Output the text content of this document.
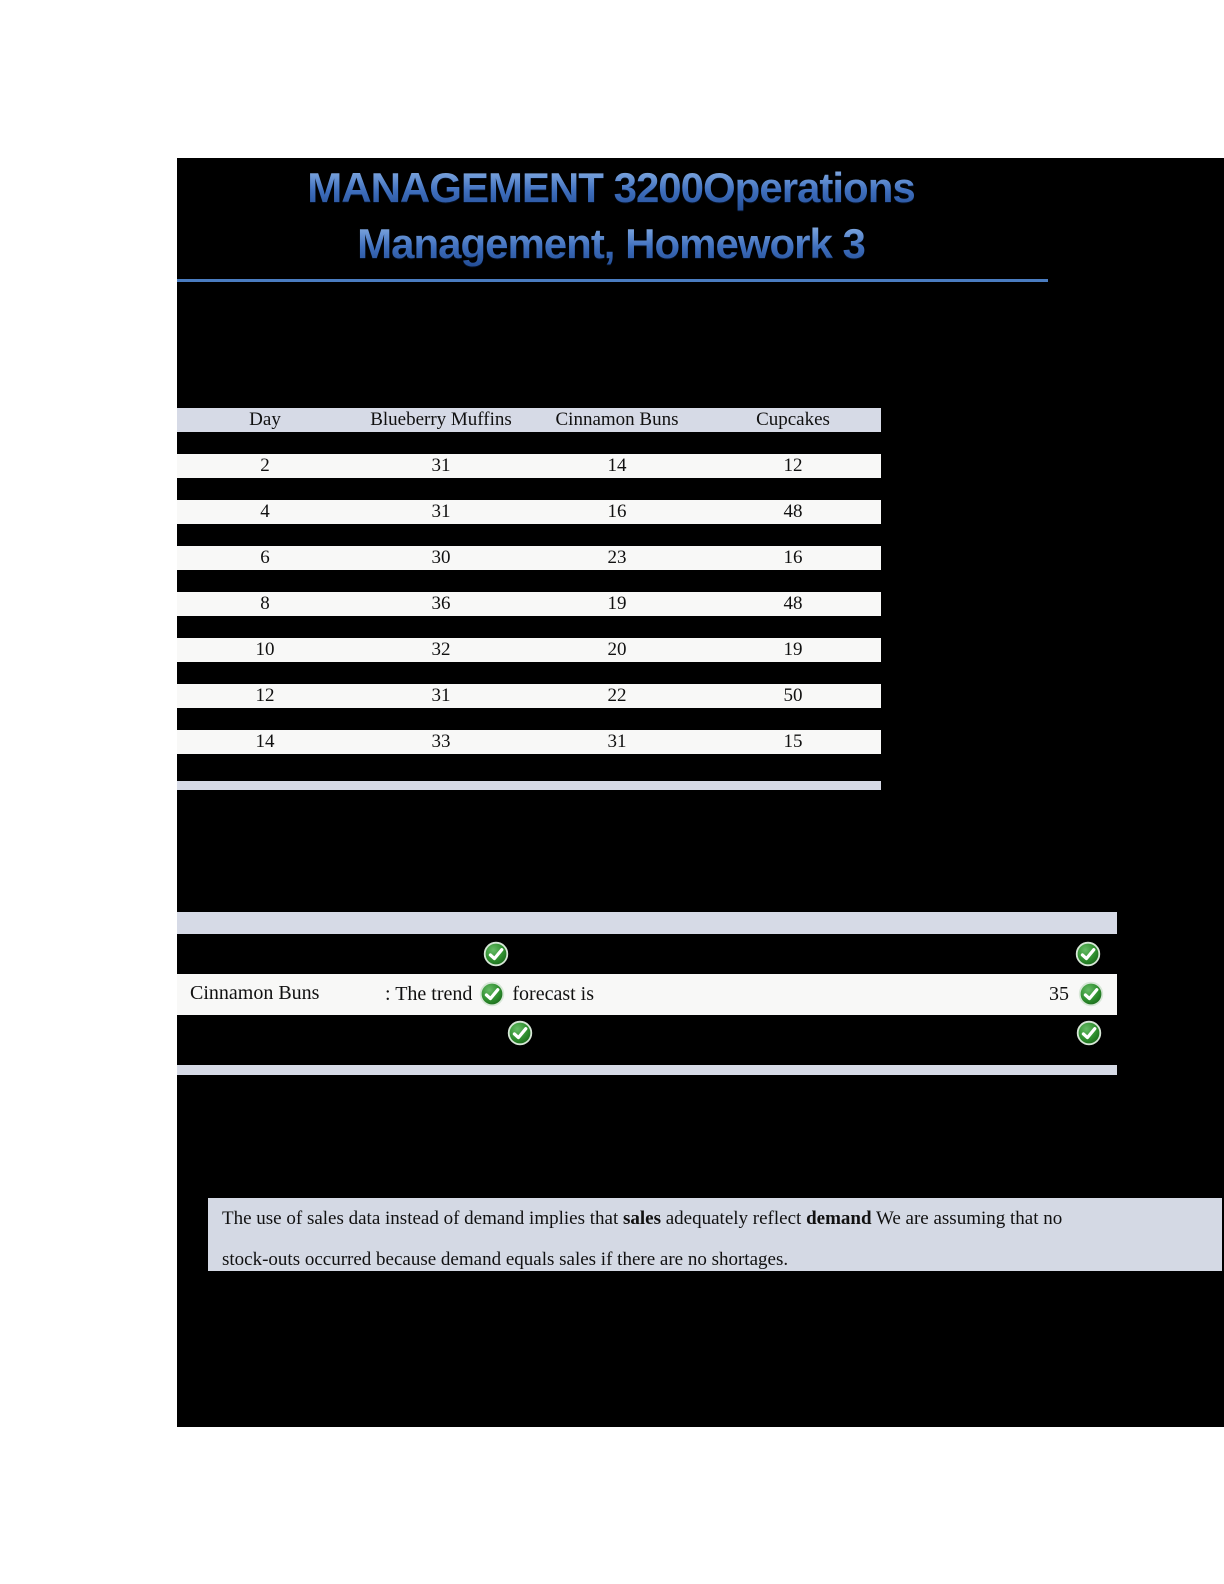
MANAGEMENT 3200Operations
Management, Homework 3
Day	Blueberry Muffins	Cinnamon Buns	Cupcakes
2	31	14	12
4	31	16	48
6	30	23	16
8	36	19	48
10	32	20	19
12	31	22	50
14	33	31	15
Cinnamon Buns	: The trend forecast is	35

The use of sales data instead of demand implies that sales adequately reflect demand We are assuming that no

stock-outs occurred because demand equals sales if there are no shortages.
